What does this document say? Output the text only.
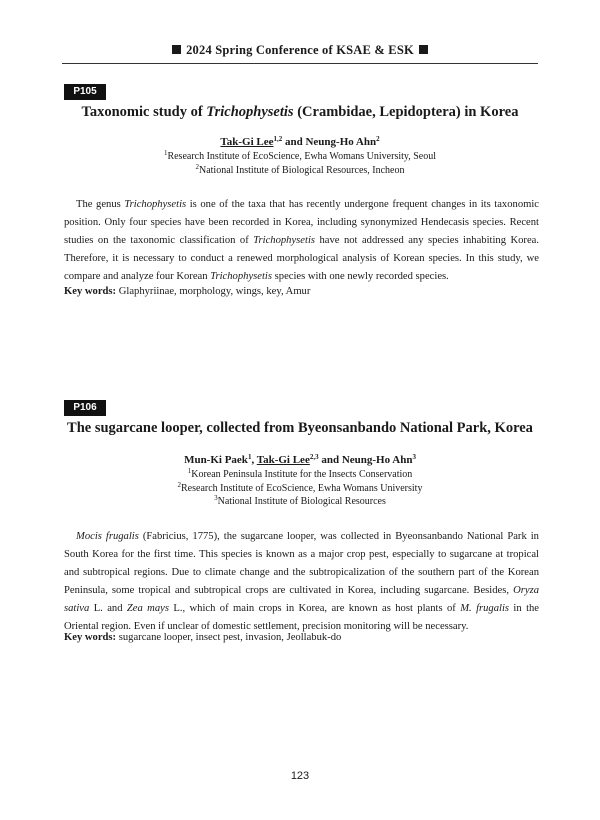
2024 Spring Conference of KSAE & ESK
P105
Taxonomic study of Trichophysetis (Crambidae, Lepidoptera) in Korea
Tak-Gi Lee$^{1,2}$ and Neung-Ho Ahn$^2$
$^1$Research Institute of EcoScience, Ewha Womans University, Seoul
$^2$National Institute of Biological Resources, Incheon
The genus Trichophysetis is one of the taxa that has recently undergone frequent changes in its taxonomic position. Only four species have been recorded in Korea, including synonymized Hendecasis species. Recent studies on the taxonomic classification of Trichophysetis have not addressed any species inhabiting Korea. Therefore, it is necessary to conduct a renewed morphological analysis of Korean species. In this study, we compare and analyze four Korean Trichophysetis species with one newly recorded species.
Key words: Glaphyriinae, morphology, wings, key, Amur
P106
The sugarcane looper, collected from Byeonsanbando National Park, Korea
Mun-Ki Paek$^1$, Tak-Gi Lee$^{2,3}$ and Neung-Ho Ahn$^3$
$^1$Korean Peninsula Institute for the Insects Conservation
$^2$Research Institute of EcoScience, Ewha Womans University
$^3$National Institute of Biological Resources
Mocis frugalis (Fabricius, 1775), the sugarcane looper, was collected in Byeonsanbando National Park in South Korea for the first time. This species is known as a major crop pest, especially to sugarcane at tropical and subtropical regions. Due to climate change and the subtropicalization of the southern part of the Korean Peninsula, some tropical and subtropical crops are cultivated in Korea, including sugarcane. Besides, Oryza sativa L. and Zea mays L., which of main crops in Korea, are known as host plants of M. frugalis in the Oriental region. Even if unclear of domestic settlement, precision monitoring will be necessary.
Key words: sugarcane looper, insect pest, invasion, Jeollabuk-do
123
